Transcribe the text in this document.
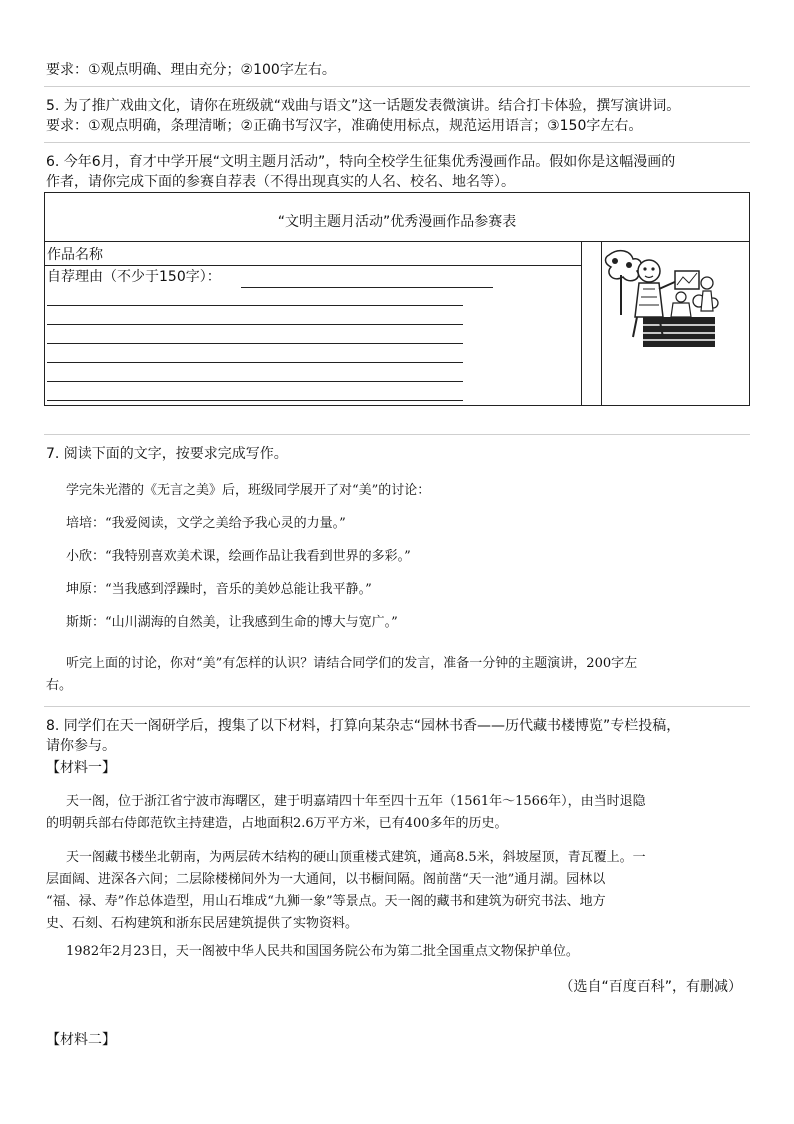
要求：①观点明确、理由充分；②100字左右。
5. 为了推广戏曲文化，请你在班级就“戏曲与语文”这一话题发表微演讲。结合打卡体验，撰写演讲词。
要求：①观点明确，条理清晰；②正确书写汉字，准确使用标点，规范运用语言；③150字左右。
6. 今年6月，育才中学开展“文明主题月活动”，特向全校学生征集优秀漫画作品。假如你是这幅漫画的
作者，请你完成下面的参赛自荐表（不得出现真实的人名、校名、地名等）。
“文明主题月活动”优秀漫画作品参赛表
作品名称
自荐理由（不少于150字）：
7. 阅读下面的文字，按要求完成写作。
学完朱光潜的《无言之美》后，班级同学展开了对“美”的讨论：
培培：“我爱阅读，文学之美给予我心灵的力量。”
小欣：“我特别喜欢美术课，绘画作品让我看到世界的多彩。”
坤原：“当我感到浮躁时，音乐的美妙总能让我平静。”
斯斯：“山川湖海的自然美，让我感到生命的博大与宽广。”
听完上面的讨论，你对“美”有怎样的认识？请结合同学们的发言，准备一分钟的主题演讲，200字左
右。
8. 同学们在天一阁研学后，搜集了以下材料，打算向某杂志“园林书香——历代藏书楼博览”专栏投稿，
请你参与。
【材料一】
天一阁，位于浙江省宁波市海曙区，建于明嘉靖四十年至四十五年（1561年～1566年），由当时退隐
的明朝兵部右侍郎范钦主持建造，占地面积2.6万平方米，已有400多年的历史。
天一阁藏书楼坐北朝南，为两层砖木结构的硬山顶重楼式建筑，通高8.5米，斜坡屋顶，青瓦覆上。一
层面阔、进深各六间；二层除楼梯间外为一大通间，以书橱间隔。阁前凿“天一池”通月湖。园林以
“福、禄、寿”作总体造型，用山石堆成“九狮一象”等景点。天一阁的藏书和建筑为研究书法、地方
史、石刻、石构建筑和浙东民居建筑提供了实物资料。
1982年2月23日，天一阁被中华人民共和国国务院公布为第二批全国重点文物保护单位。
（选自“百度百科”，有删减）
【材料二】
